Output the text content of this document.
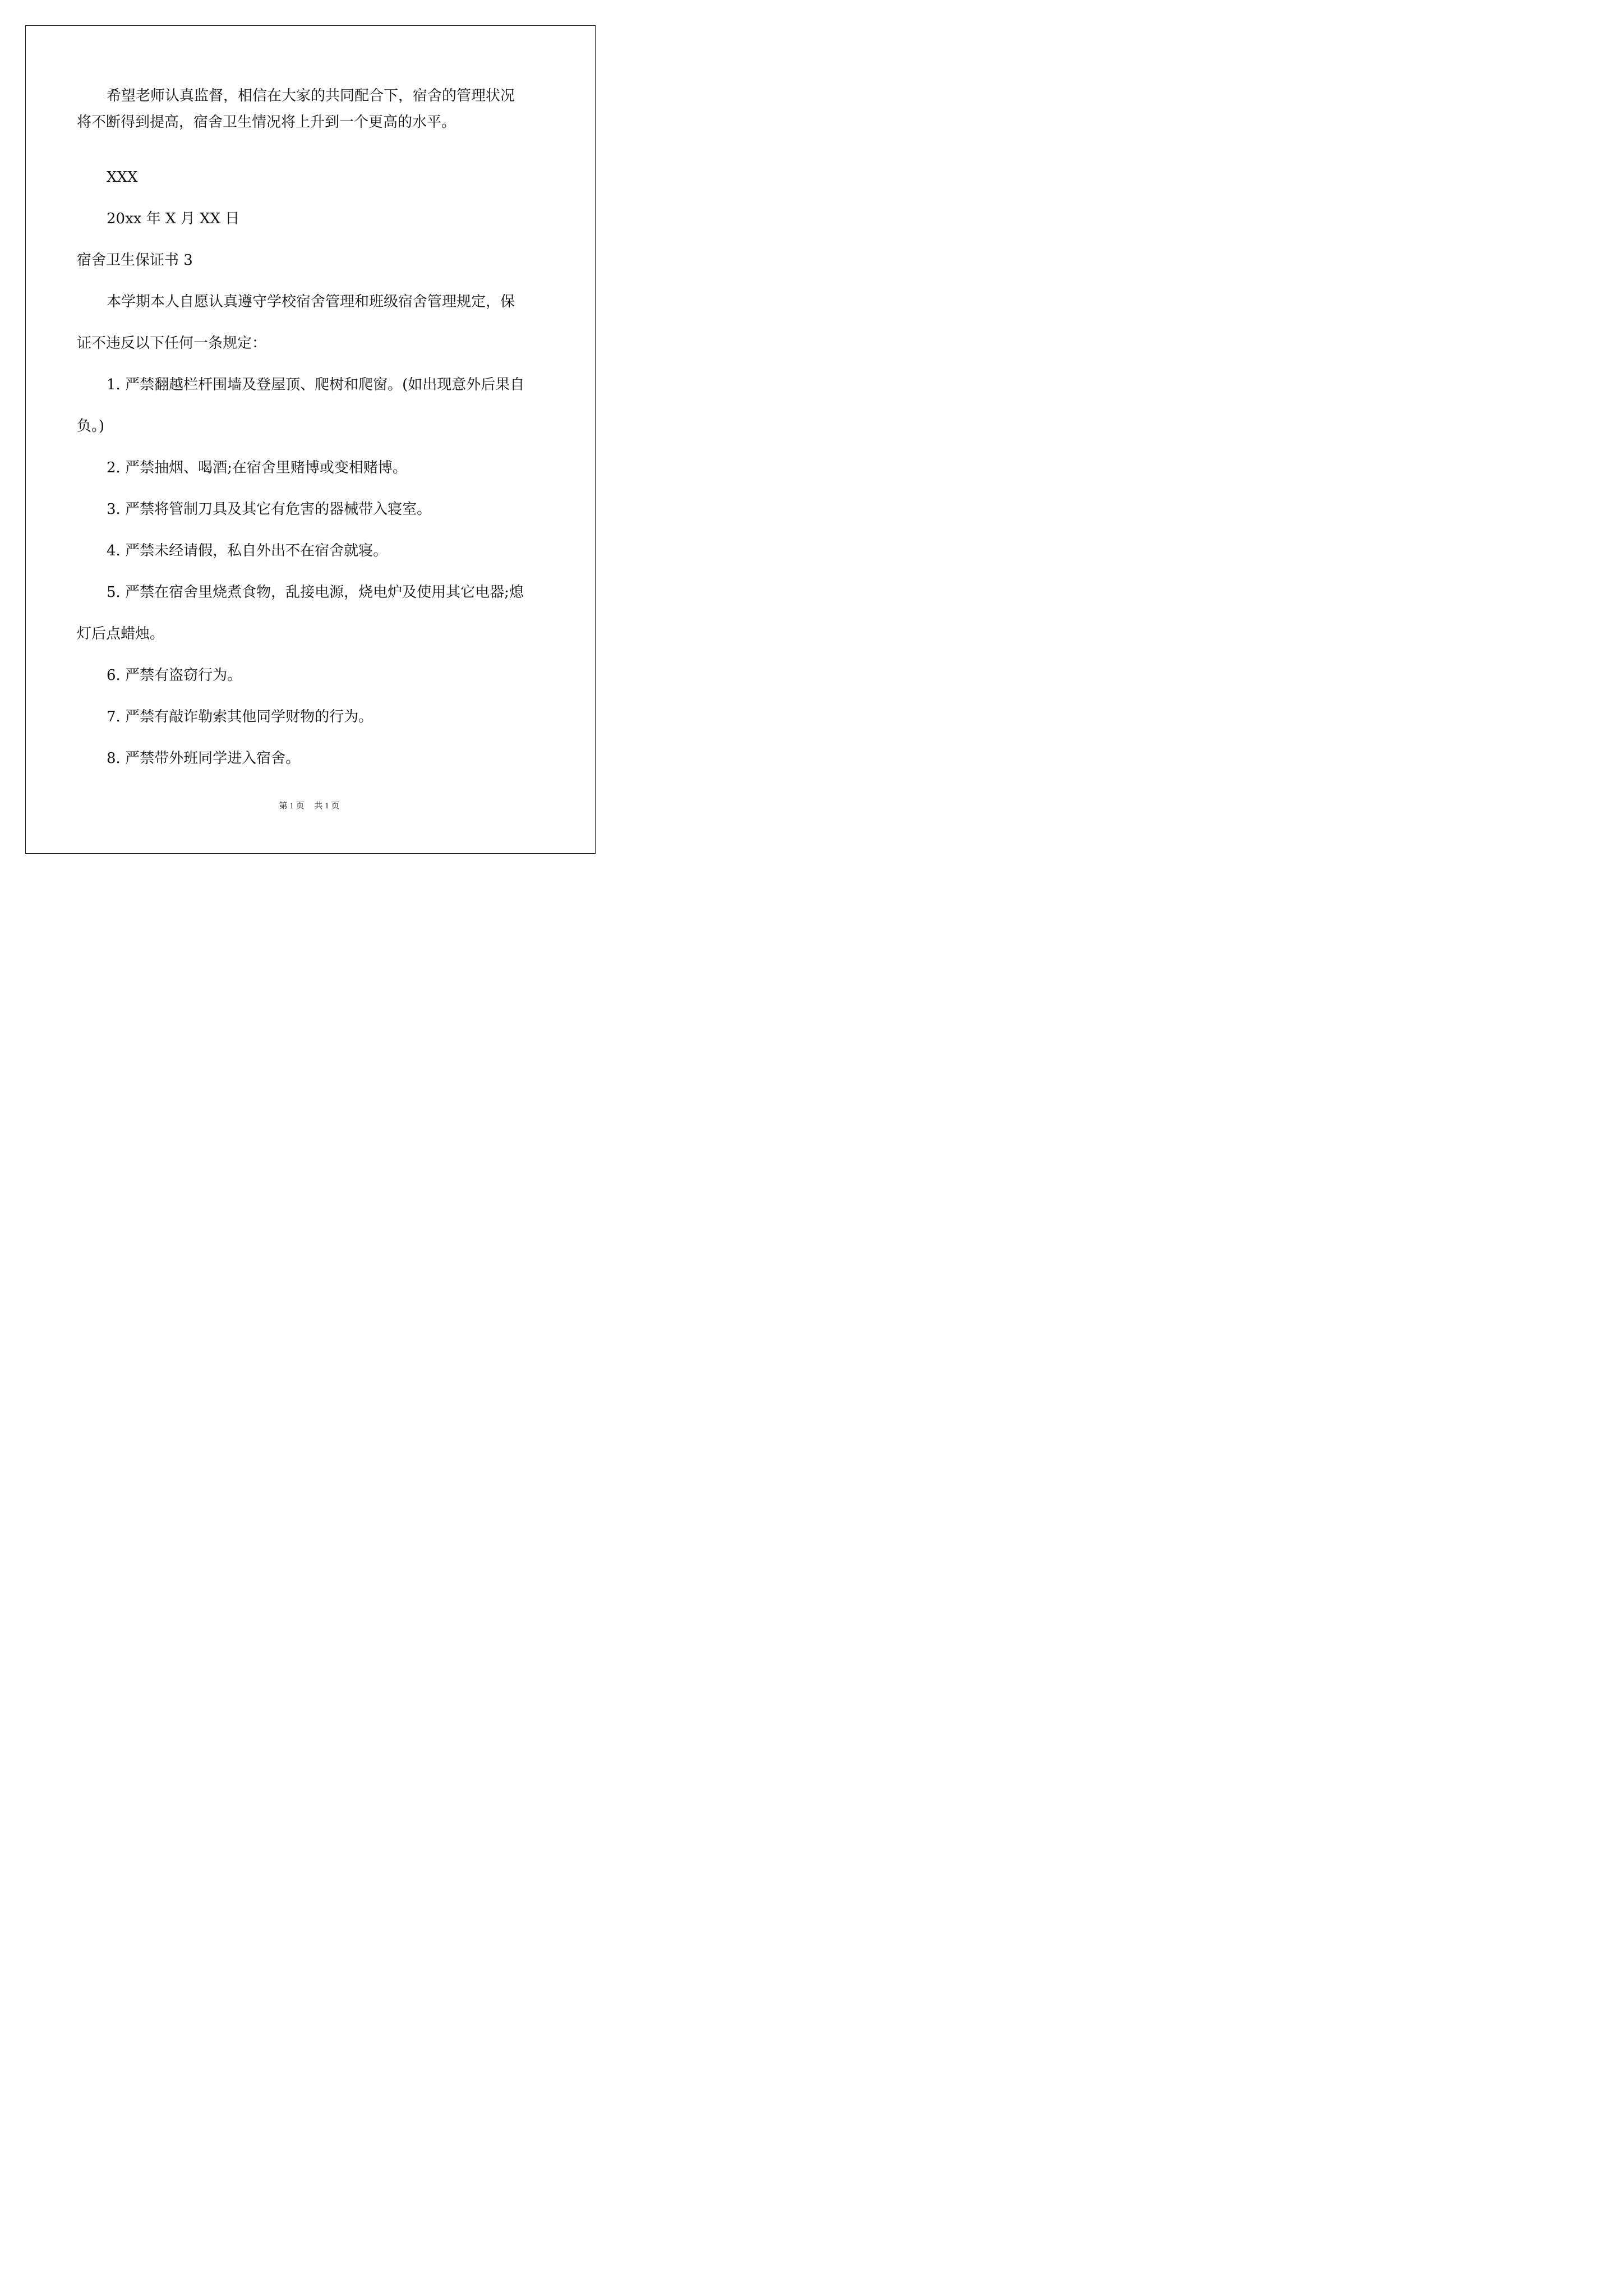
希望老师认真监督，相信在大家的共同配合下，宿舍的管理状况
将不断得到提高，宿舍卫生情况将上升到一个更高的水平。
XXX
20xx 年 X 月 XX 日
宿舍卫生保证书 3
本学期本人自愿认真遵守学校宿舍管理和班级宿舍管理规定，保
证不违反以下任何一条规定：
1. 严禁翻越栏杆围墙及登屋顶、爬树和爬窗。(如出现意外后果自
负。)
2. 严禁抽烟、喝酒;在宿舍里赌博或变相赌博。
3. 严禁将管制刀具及其它有危害的器械带入寝室。
4. 严禁未经请假，私自外出不在宿舍就寝。
5. 严禁在宿舍里烧煮食物，乱接电源，烧电炉及使用其它电器;熄
灯后点蜡烛。
6. 严禁有盗窃行为。
7. 严禁有敲诈勒索其他同学财物的行为。
8. 严禁带外班同学进入宿舍。
第 1 页 共 1 页
